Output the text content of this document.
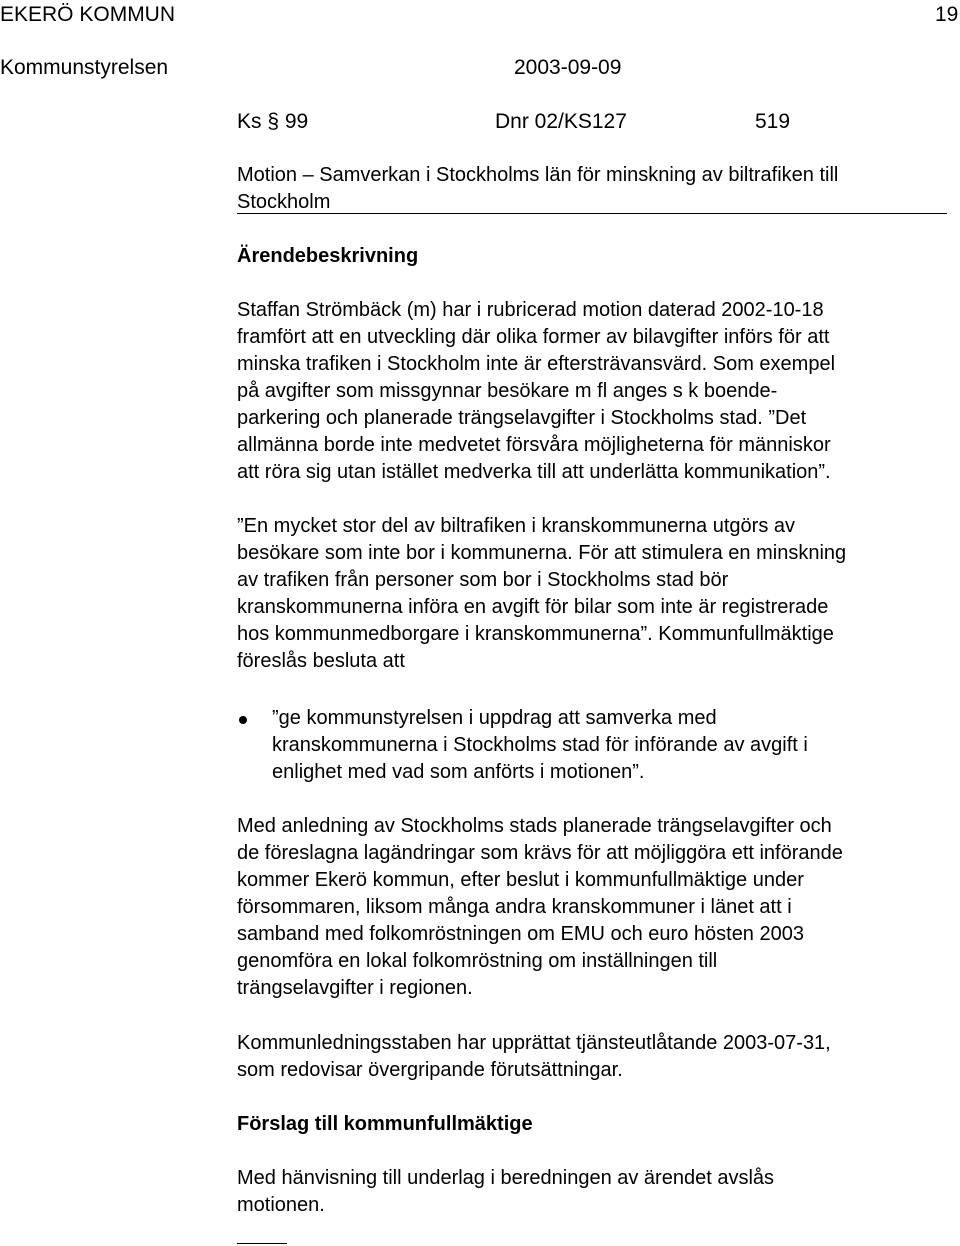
EKERÖ KOMMUN	19
Kommunstyrelsen	2003-09-09
Ks § 99	Dnr 02/KS127	519
Motion – Samverkan i Stockholms län för minskning av biltrafiken till
Stockholm
Ärendebeskrivning
Staffan Strömbäck (m) har i rubricerad motion daterad 2002-10-18
framfört att en utveckling där olika former av bilavgifter införs för att
minska trafiken i Stockholm inte är eftersträvansvärd. Som exempel
på avgifter som missgynnar besökare m fl anges s k boende-
parkering och planerade trängselavgifter i Stockholms stad. ”Det
allmänna borde inte medvetet försvåra möjligheterna för människor
att röra sig utan istället medverka till att underlätta kommunikation”.
”En mycket stor del av biltrafiken i kranskommunerna utgörs av
besökare som inte bor i kommunerna. För att stimulera en minskning
av trafiken från personer som bor i Stockholms stad bör
kranskommunerna införa en avgift för bilar som inte är registrerade
hos kommunmedborgare i kranskommunerna”. Kommunfullmäktige
föreslås besluta att
”ge kommunstyrelsen i uppdrag att samverka med
kranskommunerna i Stockholms stad för införande av avgift i
enlighet med vad som anförts i motionen”.
Med anledning av Stockholms stads planerade trängselavgifter och
de föreslagna lagändringar som krävs för att möjliggöra ett införande
kommer Ekerö kommun, efter beslut i kommunfullmäktige under
försommaren, liksom många andra kranskommuner i länet att i
samband med folkomröstningen om EMU och euro hösten 2003
genomföra en lokal folkomröstning om inställningen till
trängselavgifter i regionen.
Kommunledningsstaben har upprättat tjänsteutlåtande 2003-07-31,
som redovisar övergripande förutsättningar.
Förslag till kommunfullmäktige
Med hänvisning till underlag i beredningen av ärendet avslås
motionen.
